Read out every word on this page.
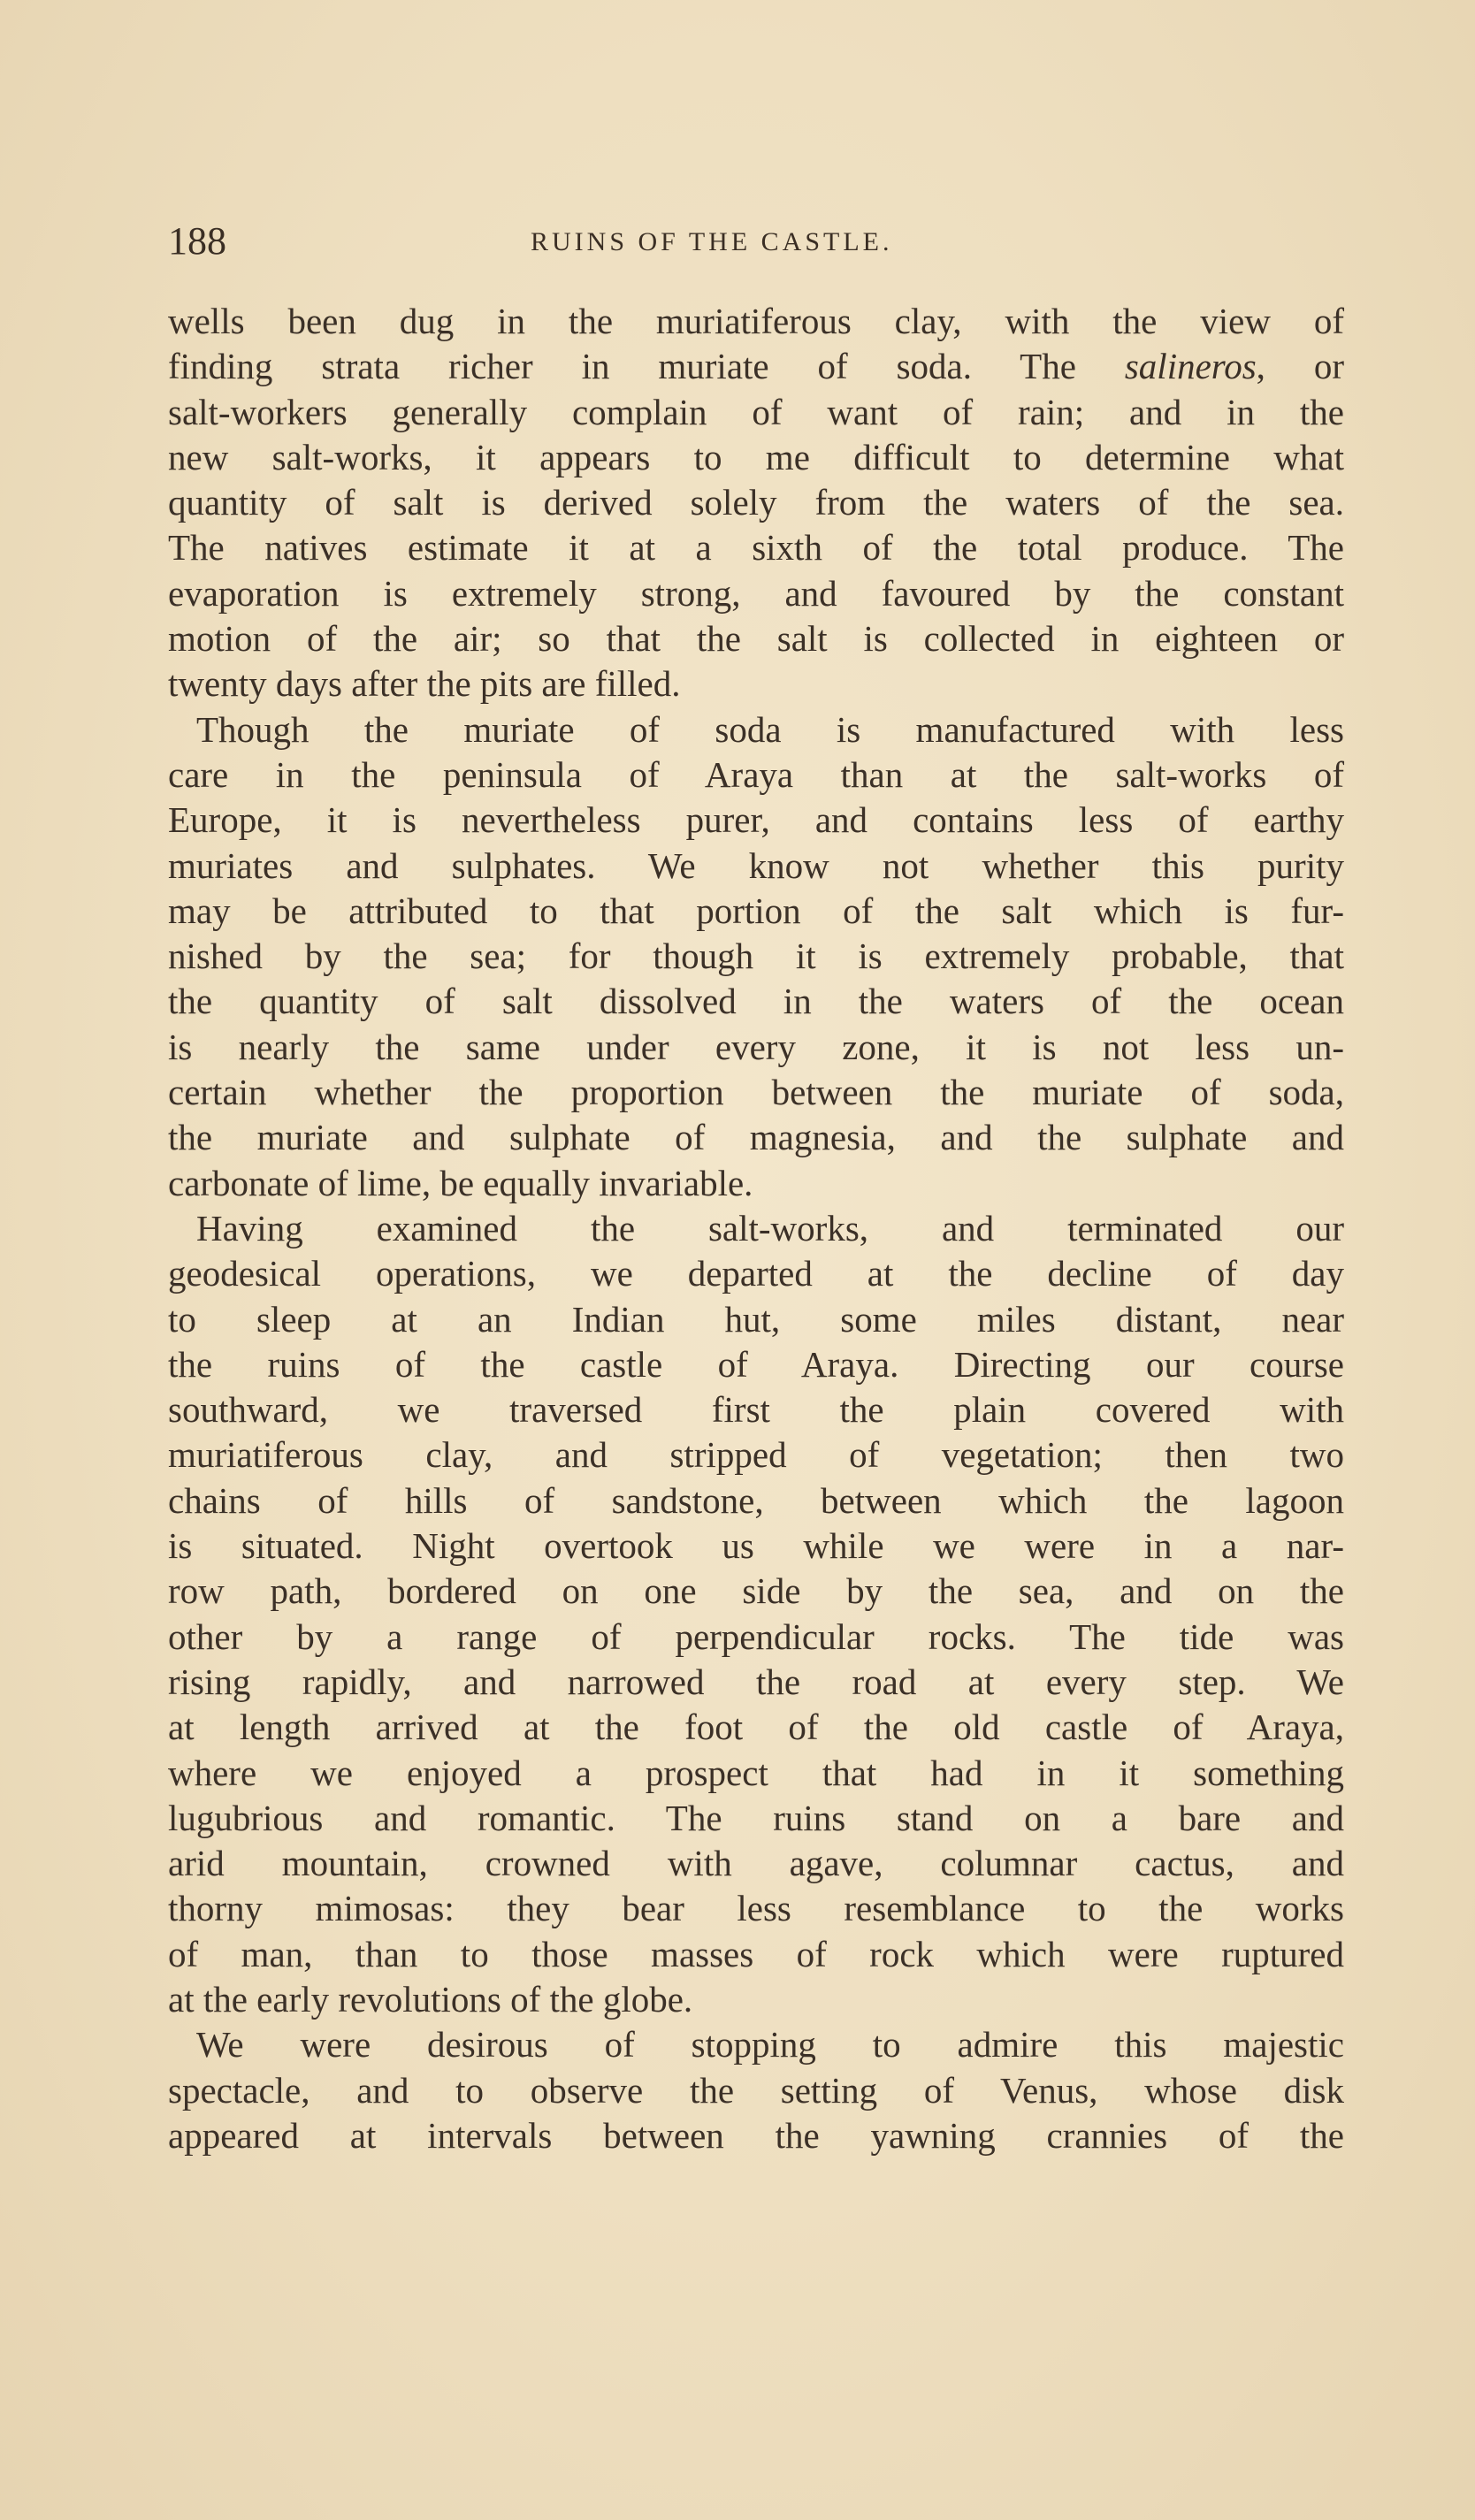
188	RUINS OF THE CASTLE.
wells been dug in the muriatiferous clay, with the view of
finding strata richer in muriate of soda. The salineros, or
salt-workers generally complain of want of rain; and in the
new salt-works, it appears to me difficult to determine what
quantity of salt is derived solely from the waters of the sea.
The natives estimate it at a sixth of the total produce. The
evaporation is extremely strong, and favoured by the constant
motion of the air; so that the salt is collected in eighteen or
twenty days after the pits are filled.
Though the muriate of soda is manufactured with less
care in the peninsula of Araya than at the salt-works of
Europe, it is nevertheless purer, and contains less of earthy
muriates and sulphates. We know not whether this purity
may be attributed to that portion of the salt which is fur-
nished by the sea; for though it is extremely probable, that
the quantity of salt dissolved in the waters of the ocean
is nearly the same under every zone, it is not less un-
certain whether the proportion between the muriate of soda,
the muriate and sulphate of magnesia, and the sulphate and
carbonate of lime, be equally invariable.
Having examined the salt-works, and terminated our
geodesical operations, we departed at the decline of day
to sleep at an Indian hut, some miles distant, near
the ruins of the castle of Araya. Directing our course
southward, we traversed first the plain covered with
muriatiferous clay, and stripped of vegetation; then two
chains of hills of sandstone, between which the lagoon
is situated. Night overtook us while we were in a nar-
row path, bordered on one side by the sea, and on the
other by a range of perpendicular rocks. The tide was
rising rapidly, and narrowed the road at every step. We
at length arrived at the foot of the old castle of Araya,
where we enjoyed a prospect that had in it something
lugubrious and romantic. The ruins stand on a bare and
arid mountain, crowned with agave, columnar cactus, and
thorny mimosas: they bear less resemblance to the works
of man, than to those masses of rock which were ruptured
at the early revolutions of the globe.
We were desirous of stopping to admire this majestic
spectacle, and to observe the setting of Venus, whose disk
appeared at intervals between the yawning crannies of the
